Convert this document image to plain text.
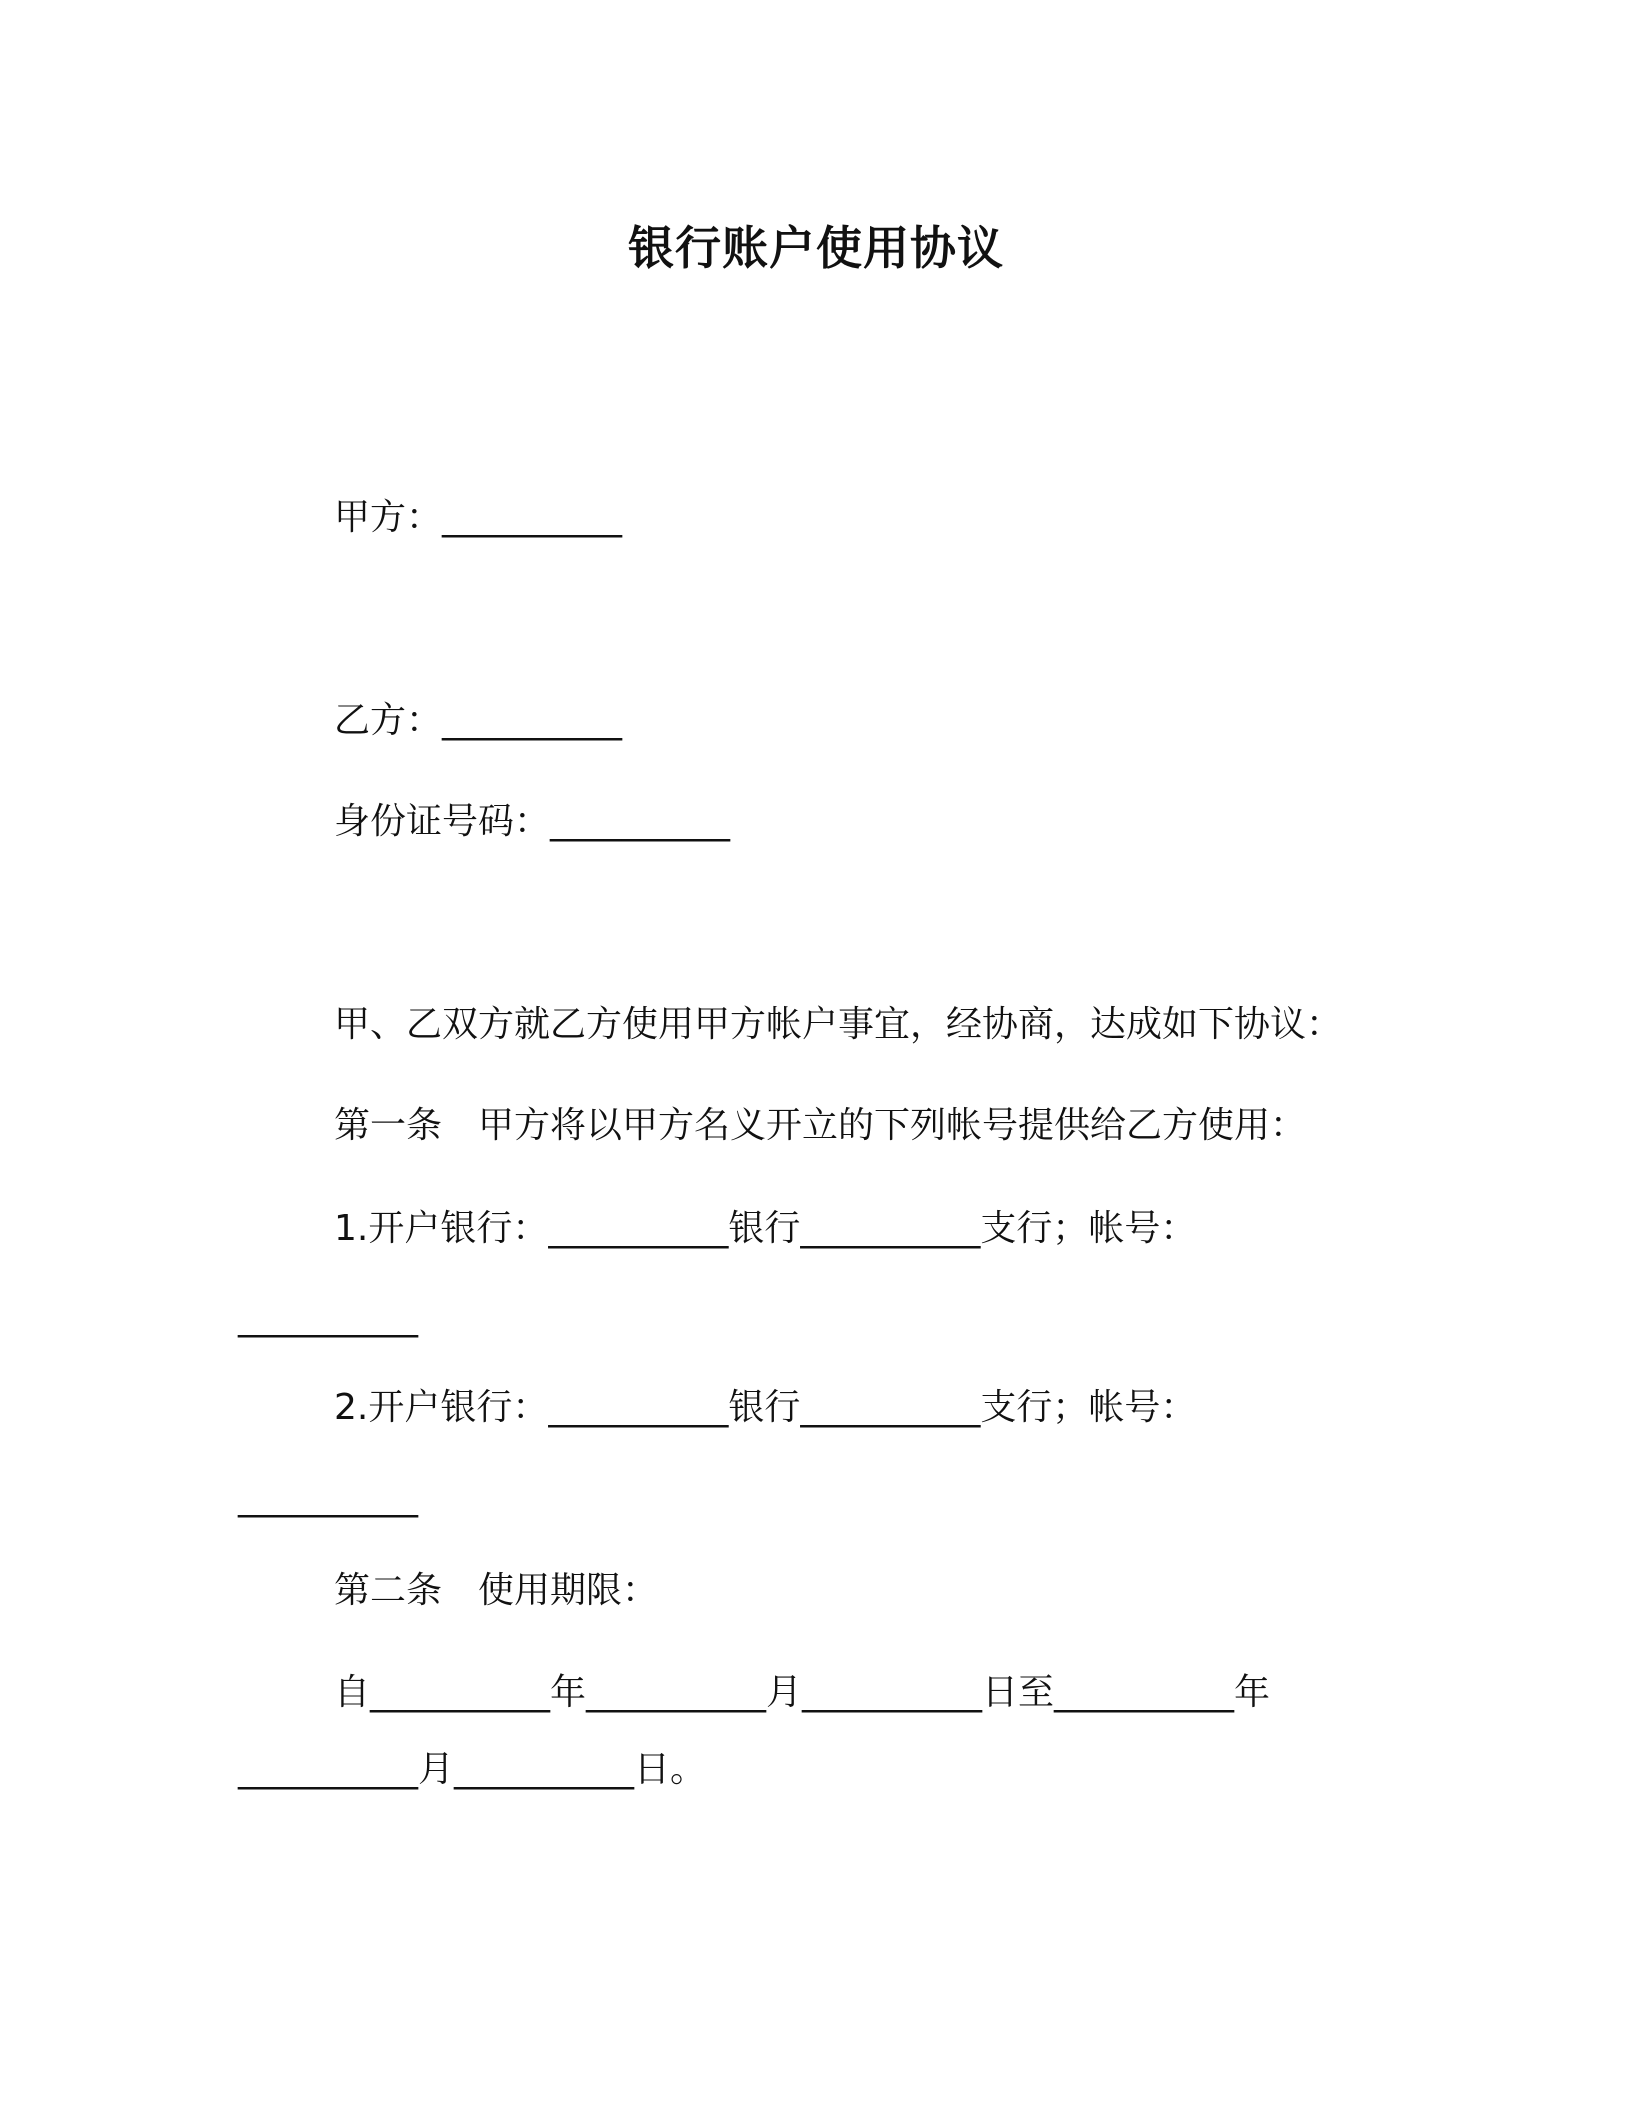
银行账户使用协议
甲方：__________
乙方：__________
身份证号码：__________
甲、乙双方就乙方使用甲方帐户事宜，经协商，达成如下协议：
第一条　甲方将以甲方名义开立的下列帐号提供给乙方使用：
1.开户银行：__________银行__________支行；帐号：
__________
2.开户银行：__________银行__________支行；帐号：
__________
第二条　使用期限：
自__________年__________月__________日至__________年
__________月__________日。
